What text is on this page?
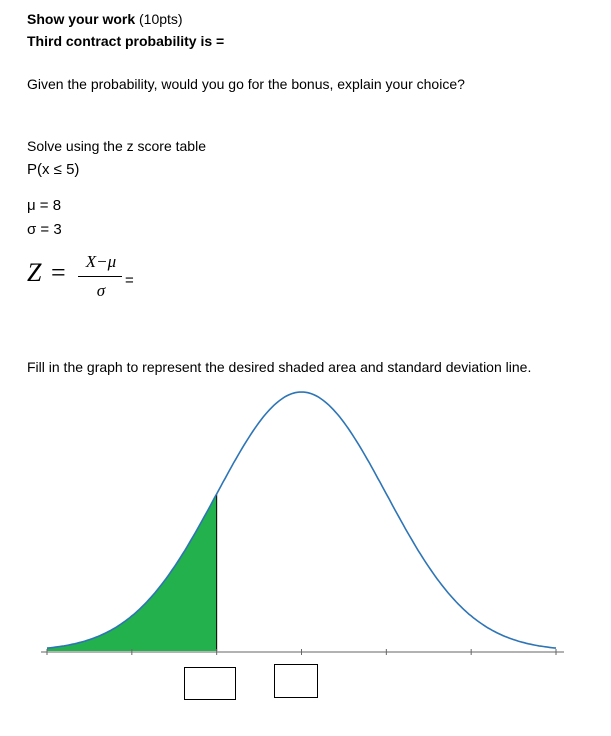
Show your work (10pts)
Third contract probability is =
Given the probability, would you go for the bonus, explain your choice?
Solve using the z score table
P(x ≤ 5)
μ = 8
σ = 3
Z =	X−μ
σ
=
Fill in the graph to represent the desired shaded area and standard deviation line.
